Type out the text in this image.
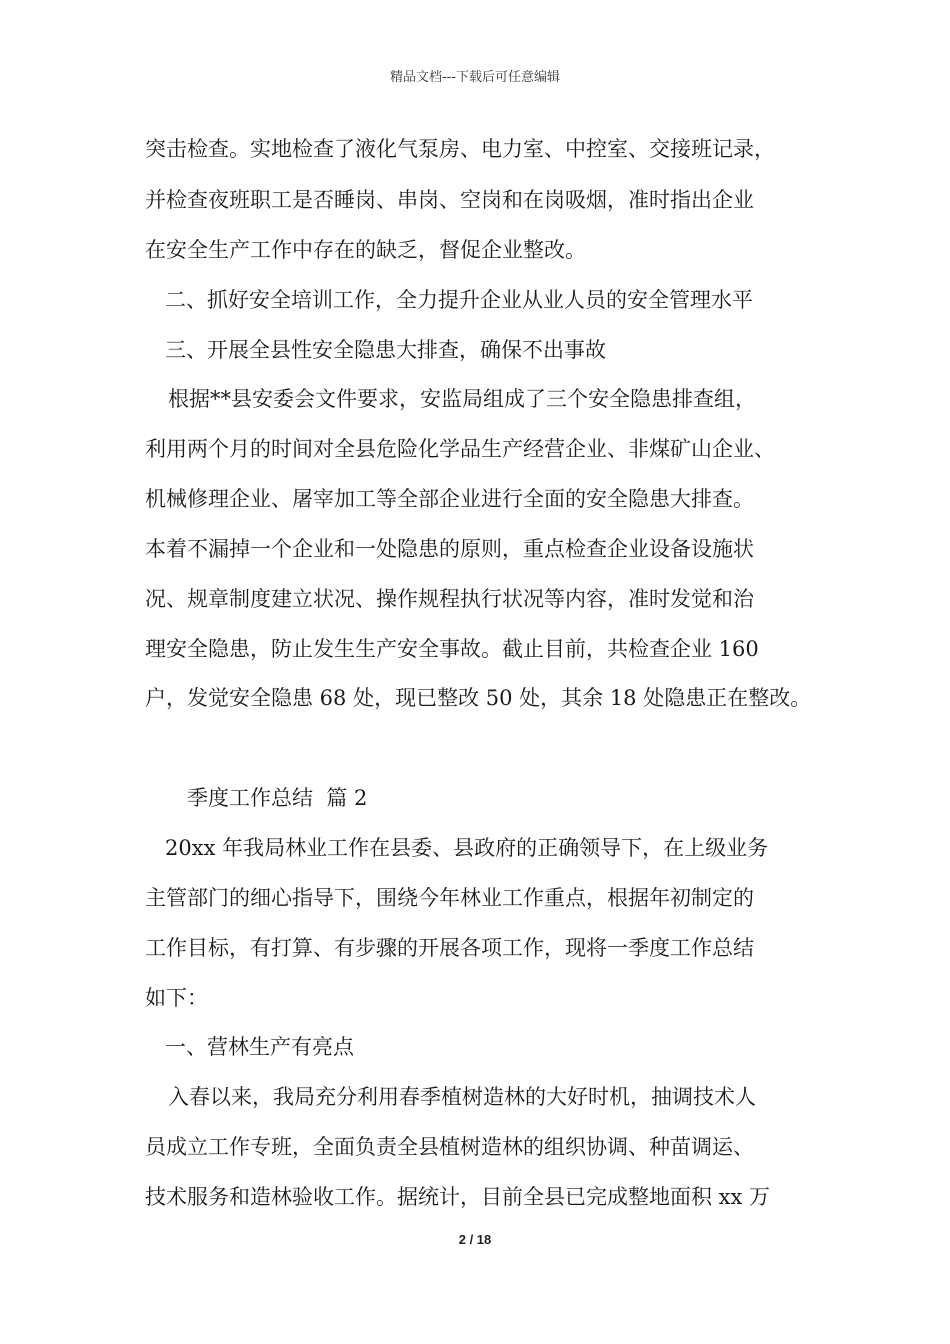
精品文档---下载后可任意编辑
突击检查。实地检查了液化气泵房、电力室、中控室、交接班记录，
并检查夜班职工是否睡岗、串岗、空岗和在岗吸烟，准时指出企业
在安全生产工作中存在的缺乏，督促企业整改。
二、抓好安全培训工作，全力提升企业从业人员的安全管理水平
三、开展全县性安全隐患大排查，确保不出事故
根据**县安委会文件要求，安监局组成了三个安全隐患排查组，
利用两个月的时间对全县危险化学品生产经营企业、非煤矿山企业、
机械修理企业、屠宰加工等全部企业进行全面的安全隐患大排查。
本着不漏掉一个企业和一处隐患的原则，重点检查企业设备设施状
况、规章制度建立状况、操作规程执行状况等内容，准时发觉和治
理安全隐患，防止发生生产安全事故。截止目前，共检查企业 160
户，发觉安全隐患 68 处，现已整改 50 处，其余 18 处隐患正在整改。
季度工作总结  篇 2
20xx 年我局林业工作在县委、县政府的正确领导下，在上级业务
主管部门的细心指导下，围绕今年林业工作重点，根据年初制定的
工作目标，有打算、有步骤的开展各项工作，现将一季度工作总结
如下：
一、营林生产有亮点
入春以来，我局充分利用春季植树造林的大好时机，抽调技术人
员成立工作专班，全面负责全县植树造林的组织协调、种苗调运、
技术服务和造林验收工作。据统计，目前全县已完成整地面积 xx 万
2 / 18
